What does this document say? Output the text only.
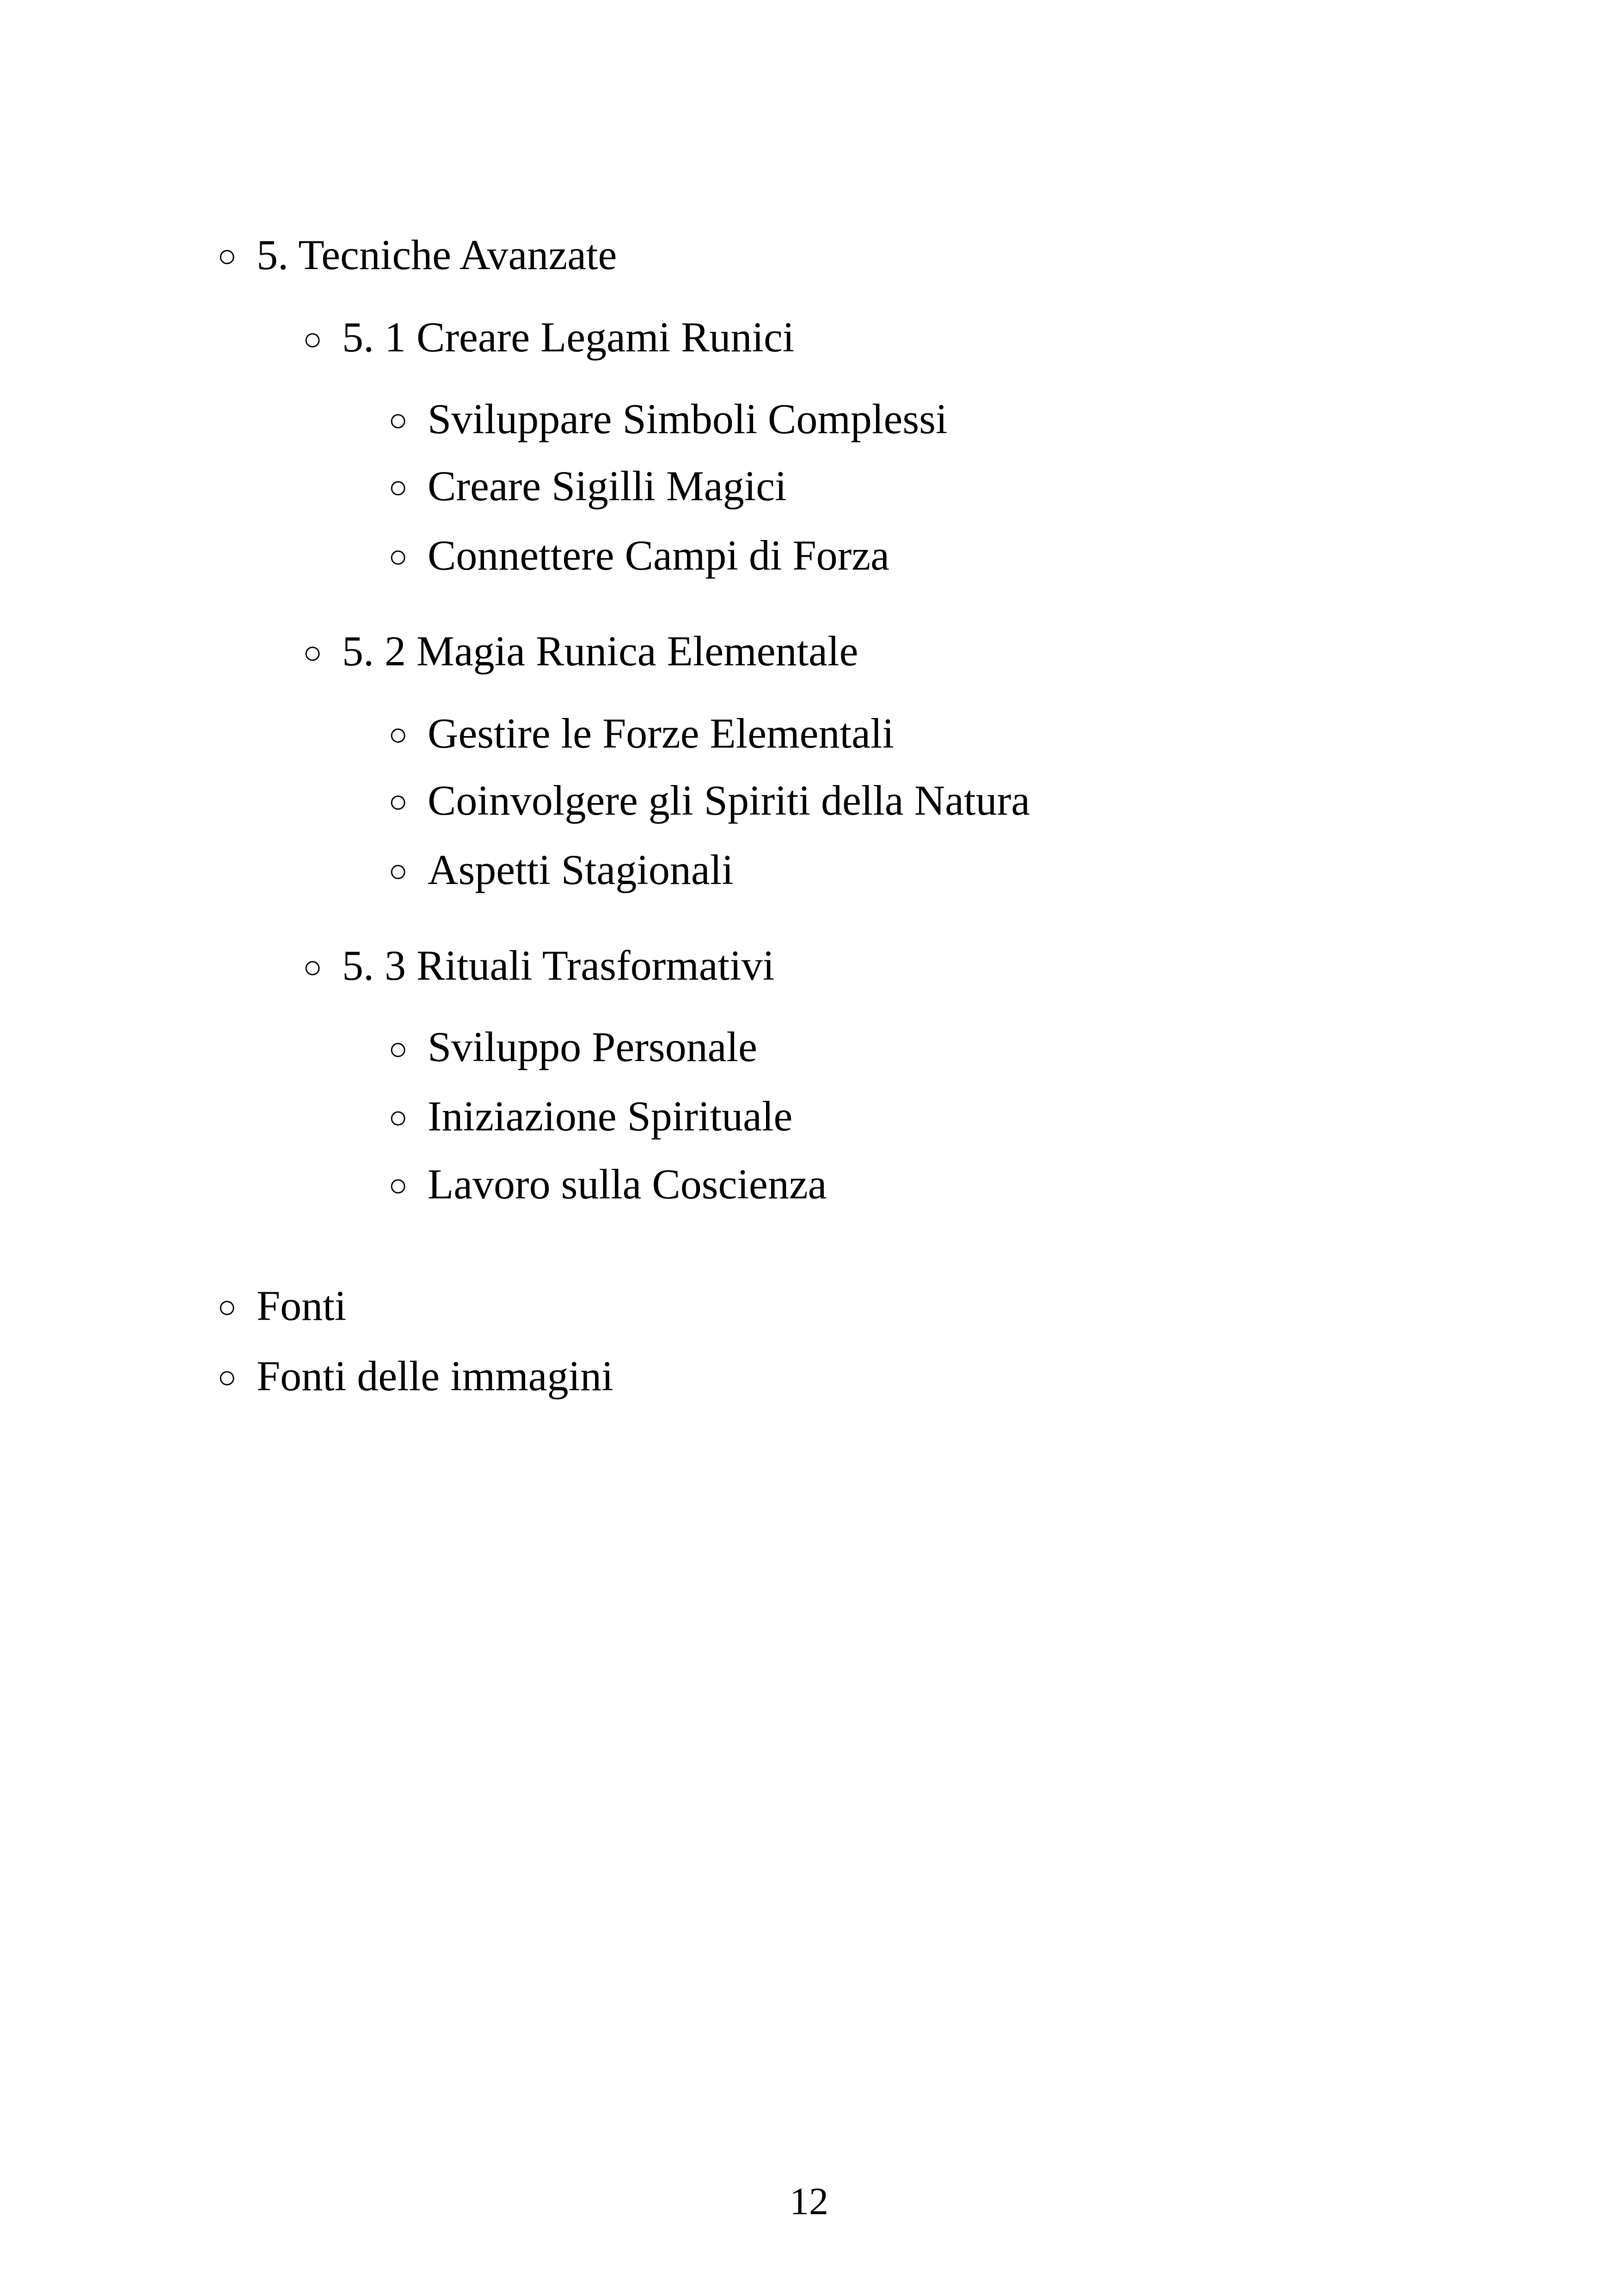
○ 5. Tecniche Avanzate
○ 5. 1 Creare Legami Runici
○ Sviluppare Simboli Complessi
○ Creare Sigilli Magici
○ Connettere Campi di Forza
○ 5. 2 Magia Runica Elementale
○ Gestire le Forze Elementali
○ Coinvolgere gli Spiriti della Natura
○ Aspetti Stagionali
○ 5. 3 Rituali Trasformativi
○ Sviluppo Personale
○ Iniziazione Spirituale
○ Lavoro sulla Coscienza
○ Fonti
○ Fonti delle immagini
12
